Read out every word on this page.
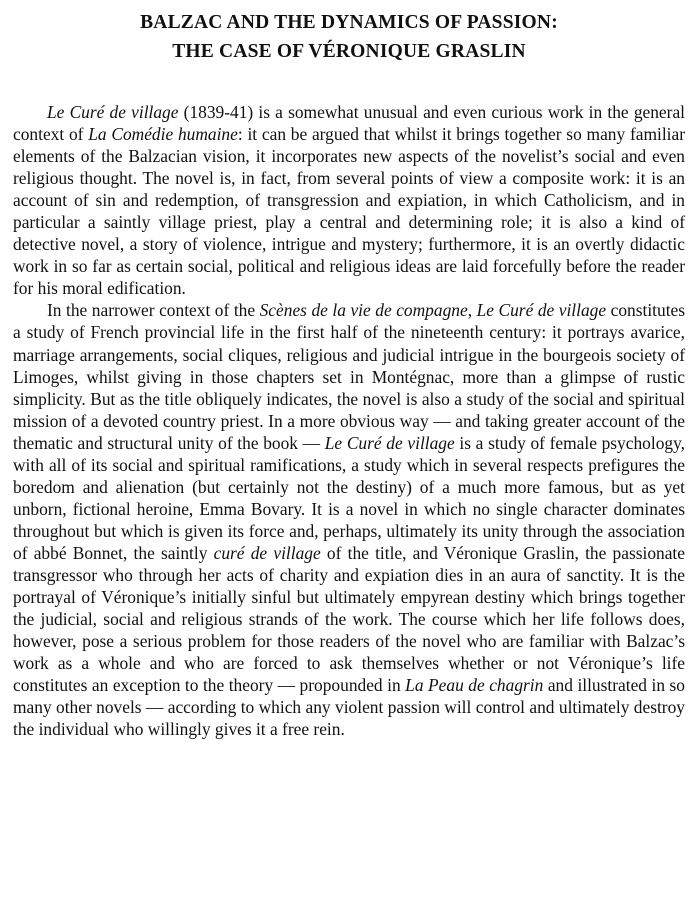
BALZAC AND THE DYNAMICS OF PASSION:
THE CASE OF VÉRONIQUE GRASLIN

Le Curé de village (1839-41) is a somewhat unusual and even curious work in the general context of La Comédie humaine: it can be argued that whilst it brings together so many familiar elements of the Balzacian vision, it incorporates new aspects of the novelist’s social and even religious thought. The novel is, in fact, from several points of view a composite work: it is an account of sin and redemption, of transgression and expiation, in which Catholicism, and in particular a saintly village priest, play a central and determining role; it is also a kind of detective novel, a story of violence, intrigue and mystery; furthermore, it is an overtly didactic work in so far as certain social, political and religious ideas are laid forcefully before the reader for his moral edification.

In the narrower context of the Scènes de la vie de compagne, Le Curé de village constitutes a study of French provincial life in the first half of the nineteenth century: it portrays avarice, marriage arrangements, social cliques, religious and judicial intrigue in the bourgeois society of Limoges, whilst giving in those chapters set in Montégnac, more than a glimpse of rustic simplicity. But as the title obliquely indicates, the novel is also a study of the social and spiritual mission of a devoted country priest. In a more obvious way — and taking greater account of the thematic and structural unity of the book — Le Curé de village is a study of female psychology, with all of its social and spiritual ramifications, a study which in several respects prefigures the boredom and alienation (but certainly not the destiny) of a much more famous, but as yet unborn, fictional heroine, Emma Bovary. It is a novel in which no single character dominates throughout but which is given its force and, perhaps, ultimately its unity through the association of abbé Bonnet, the saintly curé de village of the title, and Véronique Graslin, the passionate transgressor who through her acts of charity and expiation dies in an aura of sanctity. It is the portrayal of Véronique’s initially sinful but ultimately empyrean destiny which brings together the judicial, social and religious strands of the work. The course which her life follows does, however, pose a serious problem for those readers of the novel who are familiar with Balzac’s work as a whole and who are forced to ask themselves whether or not Véronique’s life constitutes an exception to the theory — propounded in La Peau de chagrin and illustrated in so many other novels — according to which any violent passion will control and ultimately destroy the individual who willingly gives it a free rein.
